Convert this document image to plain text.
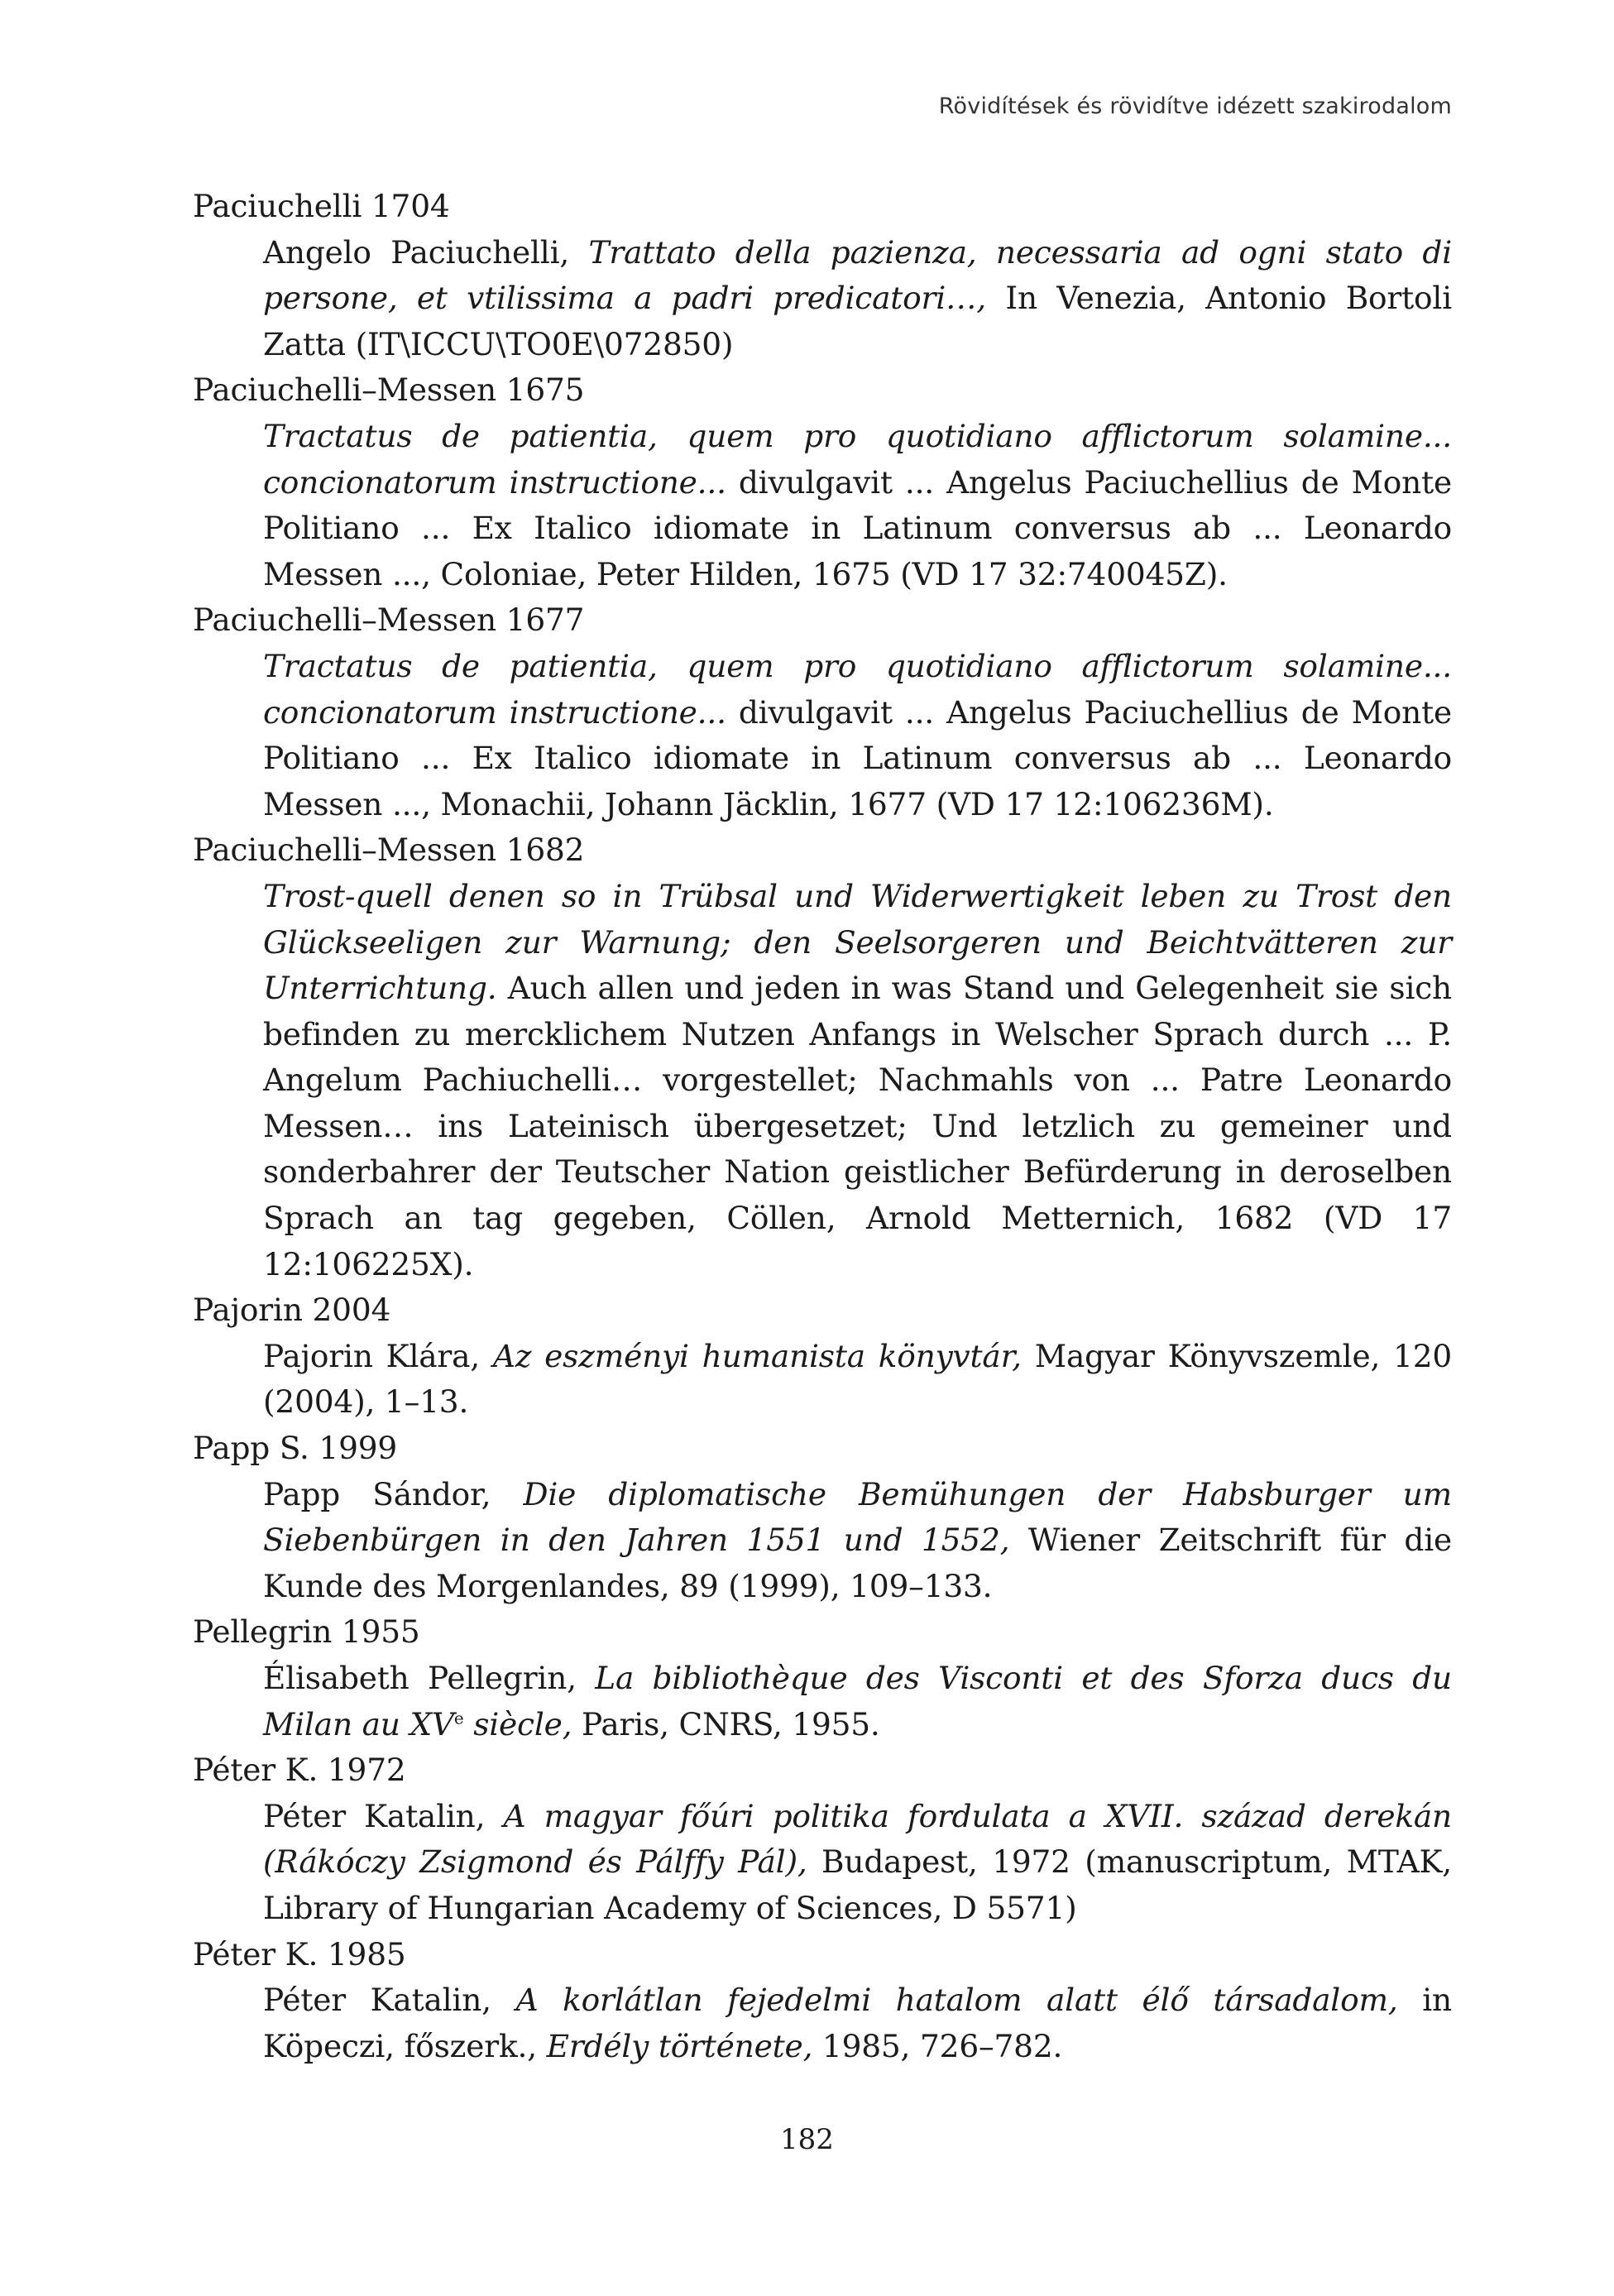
Rövidítések és rövidítve idézett szakirodalom

Paciuchelli 1704

Angelo Paciuchelli, Trattato della pazienza, necessaria ad ogni stato di persone, et vtilissima a padri predicatori…, In Venezia, Antonio Bortoli Zatta (IT\ICCU\TO0E\072850)

Paciuchelli–Messen 1675

Tractatus de patientia, quem pro quotidiano afflictorum solamine... concionatorum instructione... divulgavit ... Angelus Paciuchellius de Monte Politiano ... Ex Italico idiomate in Latinum conversus ab ... Leonardo Messen ..., Coloniae, Peter Hilden, 1675 (VD 17 32:740045Z).

Paciuchelli–Messen 1677

Tractatus de patientia, quem pro quotidiano afflictorum solamine... concionatorum instructione... divulgavit ... Angelus Paciuchellius de Monte Politiano ... Ex Italico idiomate in Latinum conversus ab ... Leonardo Messen ..., Monachii, Johann Jäcklin, 1677 (VD 17 12:106236M).

Paciuchelli–Messen 1682

Trost-quell denen so in Trübsal und Widerwertigkeit leben zu Trost den Glückseeligen zur Warnung; den Seelsorgeren und Beichtvätteren zur Unterrichtung. Auch allen und jeden in was Stand und Gelegenheit sie sich befinden zu mercklichem Nutzen Anfangs in Welscher Sprach durch ... P. Angelum Pachiuchelli… vorgestellet; Nachmahls von ... Patre Leonardo Messen… ins Lateinisch übergesetzet; Und letzlich zu gemeiner und sonderbahrer der Teutscher Nation geistlicher Befürderung in deroselben Sprach an tag gegeben, Cöllen, Arnold Metternich, 1682 (VD 17 12:106225X).

Pajorin 2004

Pajorin Klára, Az eszményi humanista könyvtár, Magyar Könyvszemle, 120 (2004), 1–13.

Papp S. 1999

Papp Sándor, Die diplomatische Bemühungen der Habsburger um Siebenbürgen in den Jahren 1551 und 1552, Wiener Zeitschrift für die Kunde des Morgenlandes, 89 (1999), 109–133.

Pellegrin 1955

Élisabeth Pellegrin, La bibliothèque des Visconti et des Sforza ducs du Milan au XVe siècle, Paris, CNRS, 1955.

Péter K. 1972

Péter Katalin, A magyar főúri politika fordulata a XVII. század derekán (Rákóczy Zsigmond és Pálffy Pál), Budapest, 1972 (manuscriptum, MTAK, Library of Hungarian Academy of Sciences, D 5571)

Péter K. 1985

Péter Katalin, A korlátlan fejedelmi hatalom alatt élő társadalom, in Köpeczi, főszerk., Erdély története, 1985, 726–782.

182
